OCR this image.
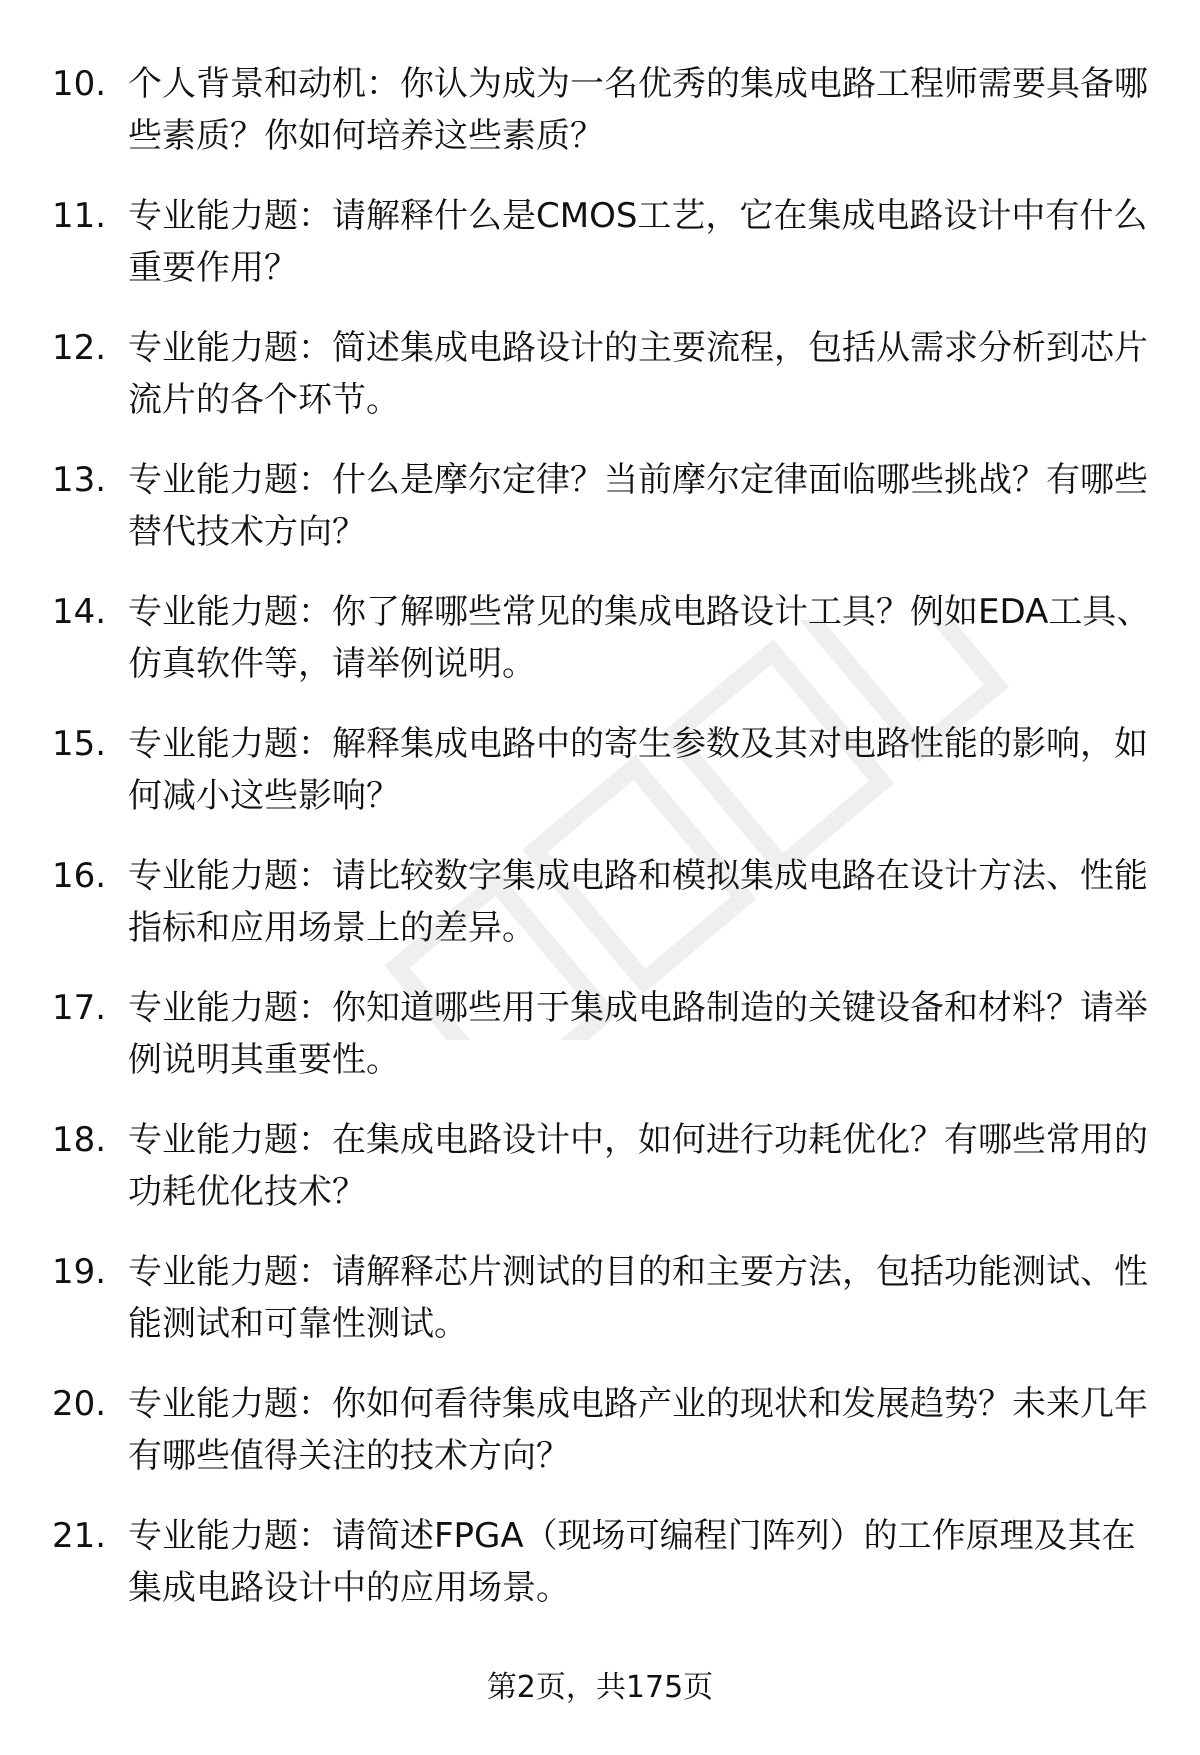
10. 个人背景和动机：你认为成为一名优秀的集成电路工程师需要具备哪些素质？你如何培养这些素质？
11. 专业能力题：请解释什么是CMOS工艺，它在集成电路设计中有什么重要作用？
12. 专业能力题：简述集成电路设计的主要流程，包括从需求分析到芯片流片的各个环节。
13. 专业能力题：什么是摩尔定律？当前摩尔定律面临哪些挑战？有哪些替代技术方向？
14. 专业能力题：你了解哪些常见的集成电路设计工具？例如EDA工具、仿真软件等，请举例说明。
15. 专业能力题：解释集成电路中的寄生参数及其对电路性能的影响，如何减小这些影响？
16. 专业能力题：请比较数字集成电路和模拟集成电路在设计方法、性能指标和应用场景上的差异。
17. 专业能力题：你知道哪些用于集成电路制造的关键设备和材料？请举例说明其重要性。
18. 专业能力题：在集成电路设计中，如何进行功耗优化？有哪些常用的功耗优化技术？
19. 专业能力题：请解释芯片测试的目的和主要方法，包括功能测试、性能测试和可靠性测试。
20. 专业能力题：你如何看待集成电路产业的现状和发展趋势？未来几年有哪些值得关注的技术方向？
21. 专业能力题：请简述FPGA（现场可编程门阵列）的工作原理及其在集成电路设计中的应用场景。
第2页，共175页
